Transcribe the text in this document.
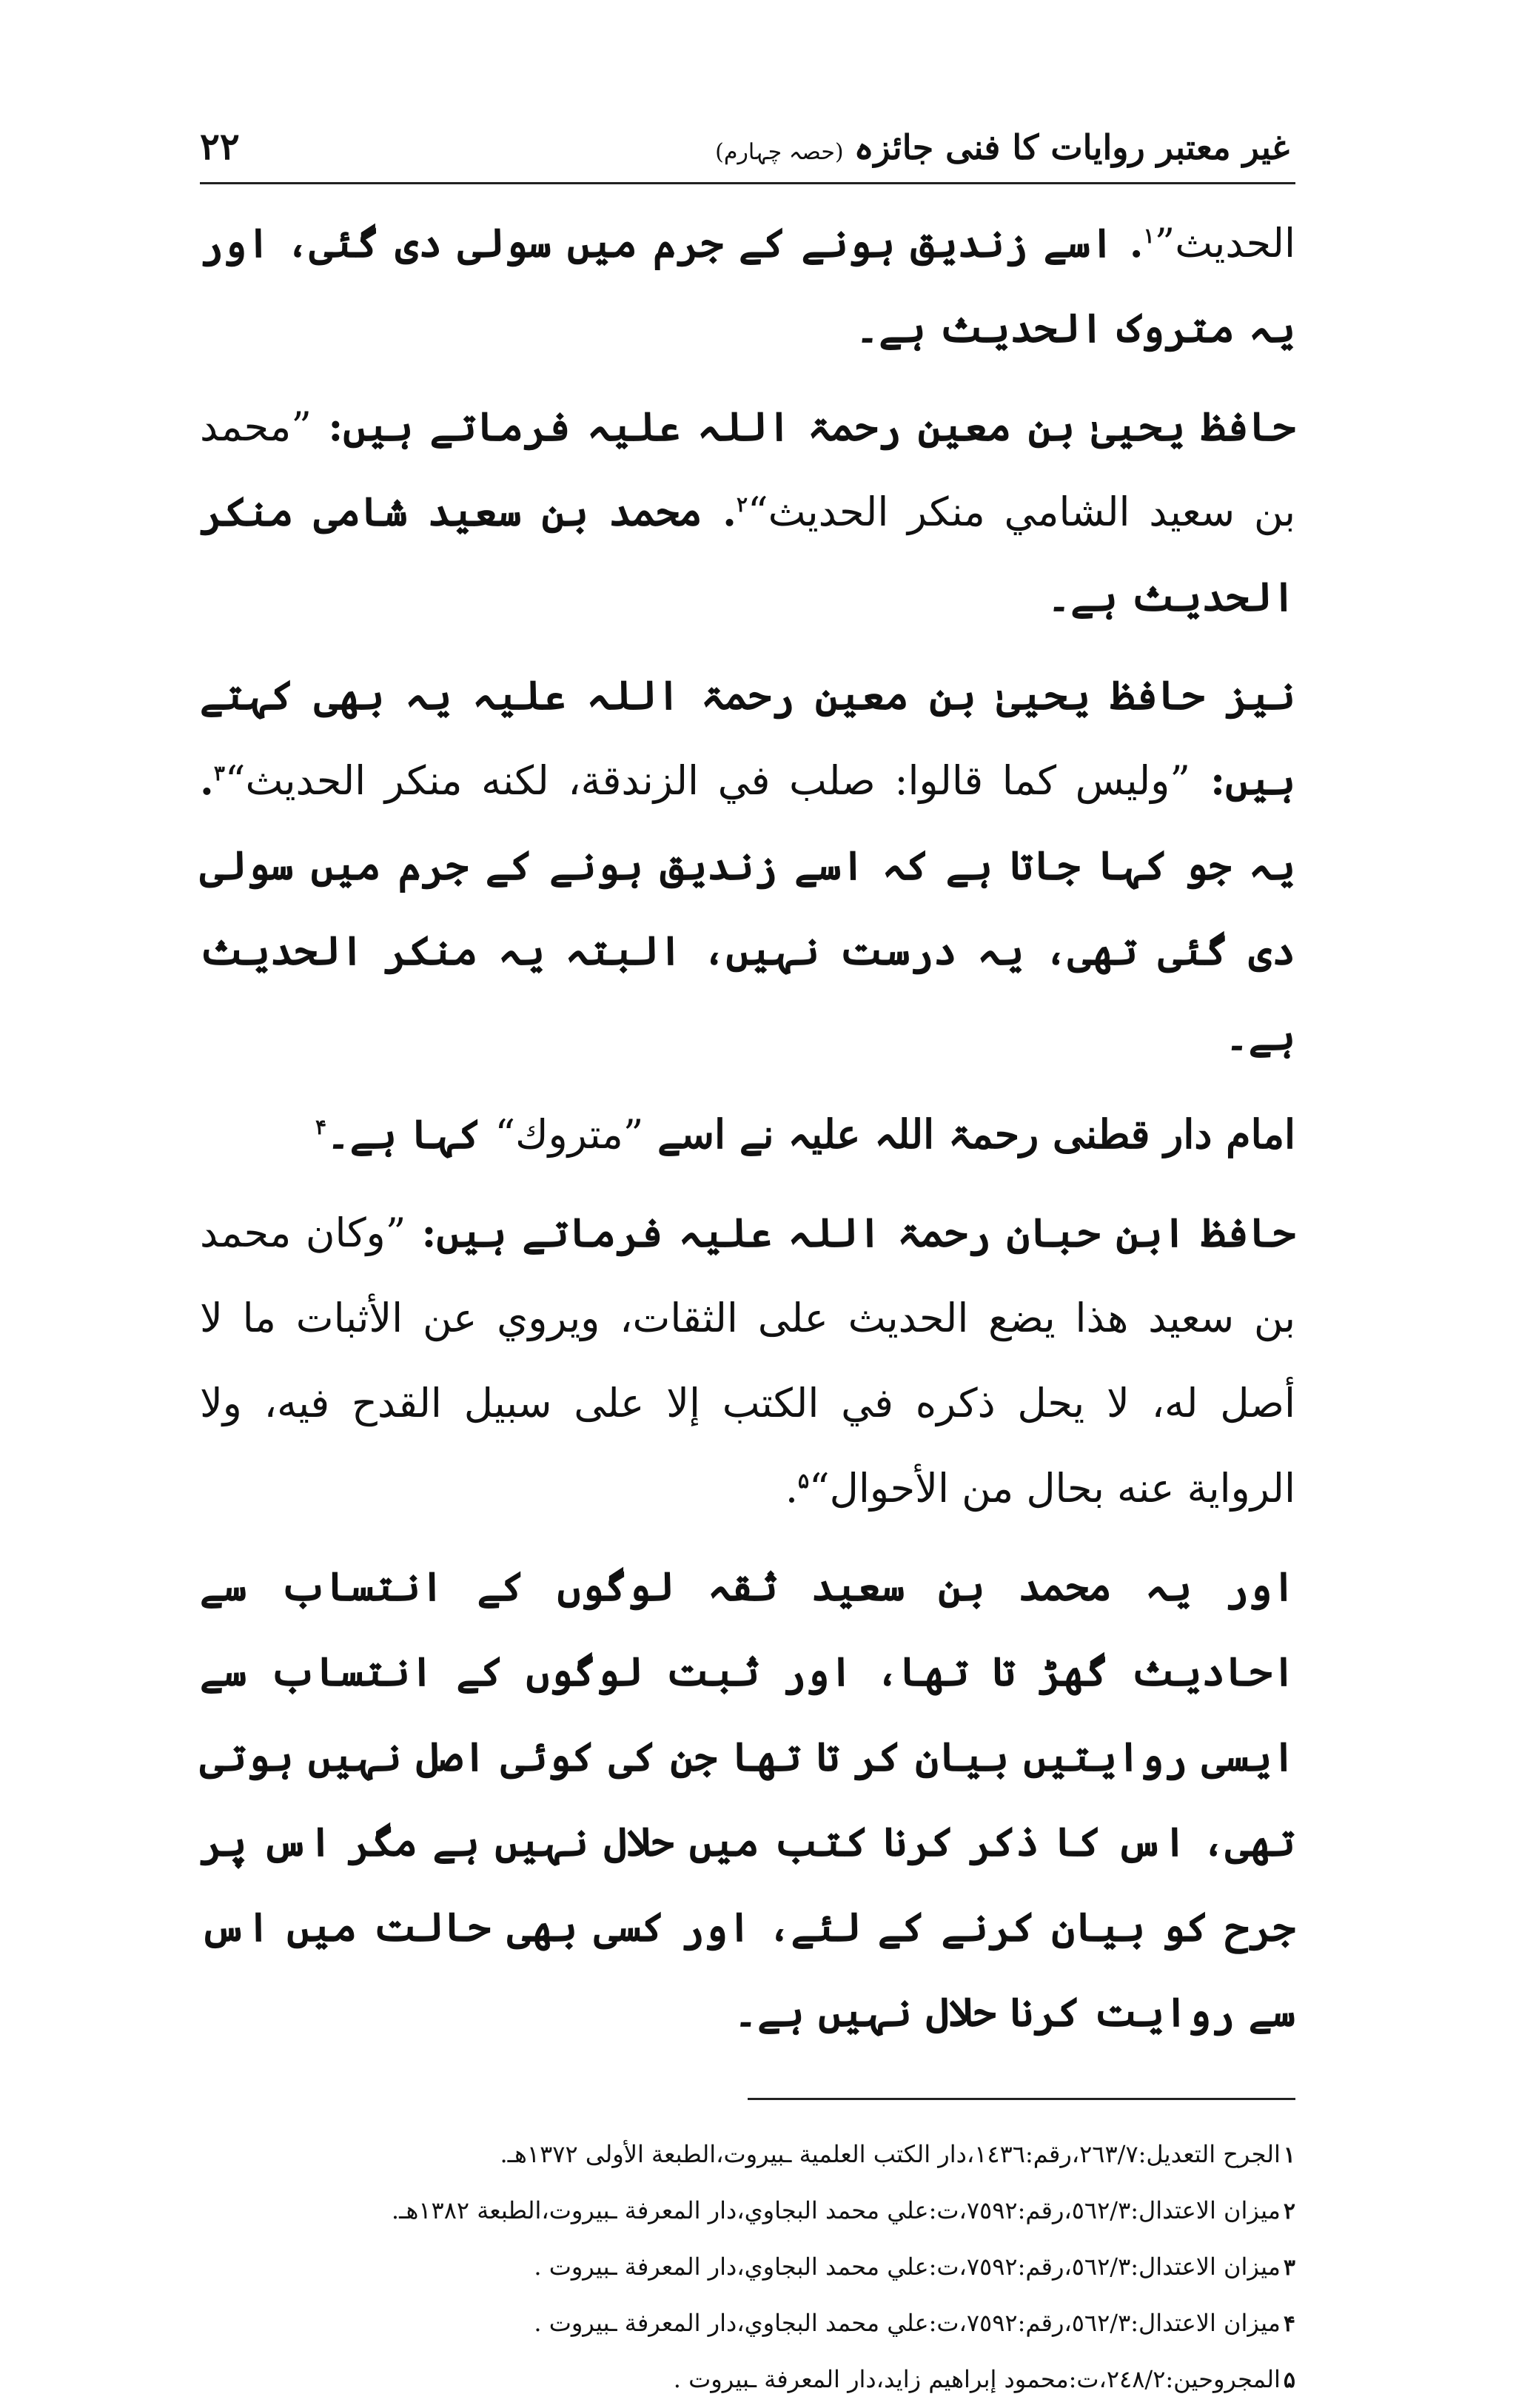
۲۲	غیر معتبر روایات کا فنی جائزہ(حصہ چہارم)

الحدیث”$^۱$. اسے زندیق ہونے کے جرم میں سولی دی گئی، اور یہ متروک الحدیث ہے۔

حافظ یحییٰ بن معین رحمۃ اللہ علیہ فرماتے ہیں: ”محمد بن سعيد الشامي منكر الحديث“$^۲$. محمد بن سعید شامی منکر الحدیث ہے۔

نیز حافظ یحییٰ بن معین رحمۃ اللہ علیہ یہ بھی کہتے ہیں: ”وليس كما قالوا: صلب في الزندقة، لكنه منكر الحديث“$^۳$. یہ جو کہا جاتا ہے کہ اسے زندیق ہونے کے جرم میں سولی دی گئی تھی، یہ درست نہیں، البتہ یہ منکر الحدیث ہے۔

امام دار قطنی رحمۃ اللہ علیہ نے اسے ”متروك“ کہا ہے۔$^۴$

حافظ ابن حبان رحمۃ اللہ علیہ فرماتے ہیں: ”وكان محمد بن سعيد هذا يضع الحديث على الثقات، ويروي عن الأثبات ما لا أصل له، لا يحل ذكره في الكتب إلا على سبيل القدح فيه، ولا الرواية عنه بحال من الأحوال“$^۵$.

اور یہ محمد بن سعید ثقہ لوگوں کے انتساب سے احادیث گھڑ تا تھا، اور ثبت لوگوں کے انتساب سے ایسی روایتیں بیان کر تا تھا جن کی کوئی اصل نہیں ہوتی تھی، اس کا ذکر کرنا کتب میں حلال نہیں ہے مگر اس پر جرح کو بیان کرنے کے لئے، اور کسی بھی حالت میں اس سے روایت کرنا حلال نہیں ہے۔

۱الجرح التعديل:٢٦٣/٧،رقم:١٤٣٦،دار الكتب العلمية ـبيروت،الطبعة الأولى ١٣٧٢هـ.
۲ميزان الاعتدال:٥٦٢/٣،رقم:٧٥٩٢،ت:علي محمد البجاوي،دار المعرفة ـبيروت،الطبعة ١٣٨٢هـ.
۳ميزان الاعتدال:٥٦٢/٣،رقم:٧٥٩٢،ت:علي محمد البجاوي،دار المعرفة ـبيروت .
۴ميزان الاعتدال:٥٦٢/٣،رقم:٧٥٩٢،ت:علي محمد البجاوي،دار المعرفة ـبيروت .
۵المجروحين:٢٤٨/٢،ت:محمود إبراهيم زايد،دار المعرفة ـبيروت .
